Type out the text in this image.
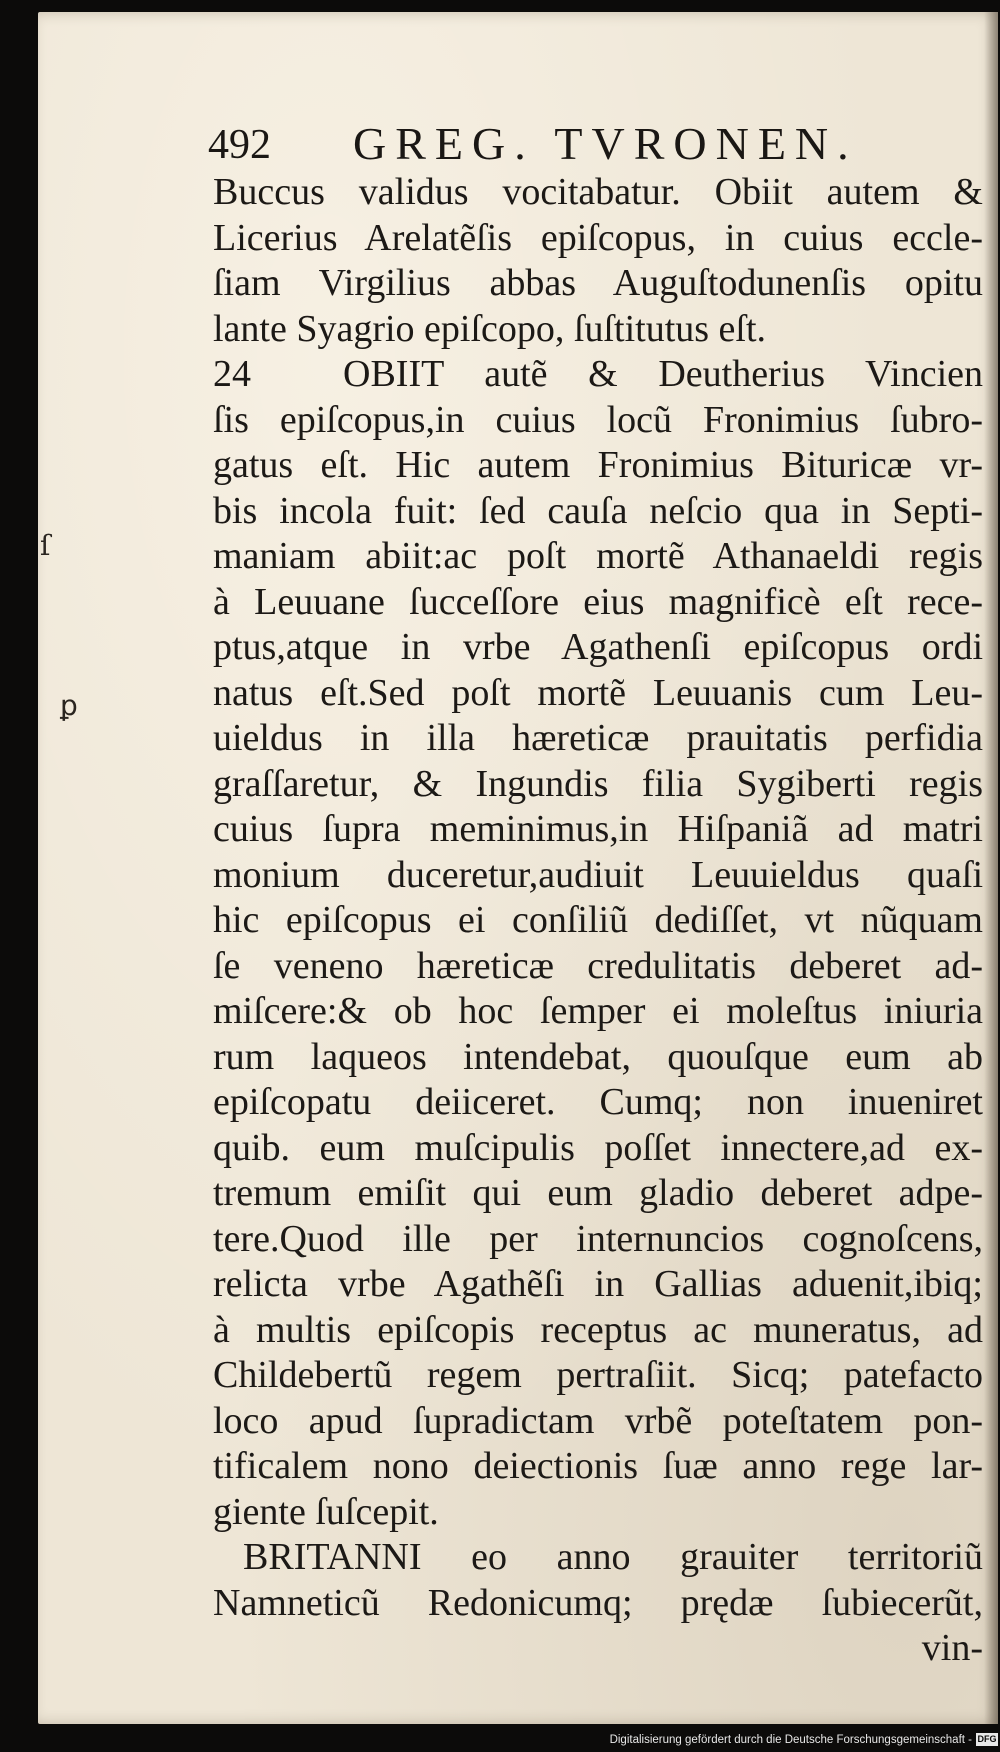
ſ
ꝑ
492 GREG. TVRONEN.
Buccus validus vocitabatur. Obiit autem &
Licerius Arelatẽſis epiſcopus, in cuius eccle-
ſiam Virgilius abbas Auguſtodunenſis opitu
lante Syagrio epiſcopo, ſuſtitutus eſt.
24 OBIIT autẽ & Deutherius Vincien
ſis epiſcopus,in cuius locũ Fronimius ſubro-
gatus eſt. Hic autem Fronimius Bituricæ vr-
bis incola fuit: ſed cauſa neſcio qua in Septi-
maniam abiit:ac poſt mortẽ Athanaeldi regis
à Leuuane ſucceſſore eius magnificè eſt rece-
ptus,atque in vrbe Agathenſi epiſcopus ordi
natus eſt.Sed poſt mortẽ Leuuanis cum Leu-
uieldus in illa hæreticæ prauitatis perfidia
graſſaretur, & Ingundis filia Sygiberti regis
cuius ſupra meminimus,in Hiſpaniã ad matri
monium duceretur,audiuit Leuuieldus quaſi
hic epiſcopus ei conſiliũ dediſſet, vt nũquam
ſe veneno hæreticæ credulitatis deberet ad-
miſcere:& ob hoc ſemper ei moleſtus iniuria
rum laqueos intendebat, quouſque eum ab
epiſcopatu deiiceret. Cumq; non inueniret
quib. eum muſcipulis poſſet innectere,ad ex-
tremum emiſit qui eum gladio deberet adpe-
tere.Quod ille per internuncios cognoſcens,
relicta vrbe Agathẽſi in Gallias aduenit,ibiq;
à multis epiſcopis receptus ac muneratus, ad
Childebertũ regem pertraſiit. Sicq; patefacto
loco apud ſupradictam vrbẽ poteſtatem pon-
tificalem nono deiectionis ſuæ anno rege lar-
giente ſuſcepit.
BRITANNI eo anno grauiter territoriũ
Namneticũ Redonicumq; prędæ ſubiecerũt,
vin-
Digitalisierung gefördert durch die Deutsche Forschungsgemeinschaft - DFG
